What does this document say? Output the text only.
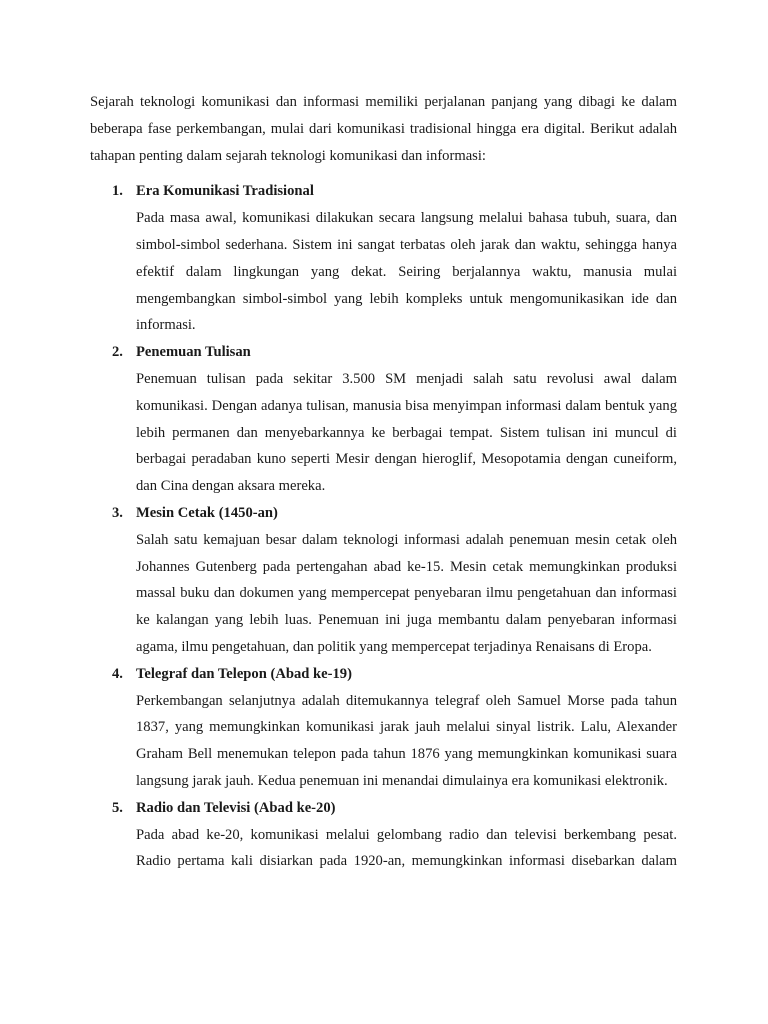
Sejarah teknologi komunikasi dan informasi memiliki perjalanan panjang yang dibagi ke dalam beberapa fase perkembangan, mulai dari komunikasi tradisional hingga era digital. Berikut adalah tahapan penting dalam sejarah teknologi komunikasi dan informasi:

1. Era Komunikasi Tradisional
Pada masa awal, komunikasi dilakukan secara langsung melalui bahasa tubuh, suara, dan simbol-simbol sederhana. Sistem ini sangat terbatas oleh jarak dan waktu, sehingga hanya efektif dalam lingkungan yang dekat. Seiring berjalannya waktu, manusia mulai mengembangkan simbol-simbol yang lebih kompleks untuk mengomunikasikan ide dan informasi.
2. Penemuan Tulisan
Penemuan tulisan pada sekitar 3.500 SM menjadi salah satu revolusi awal dalam komunikasi. Dengan adanya tulisan, manusia bisa menyimpan informasi dalam bentuk yang lebih permanen dan menyebarkannya ke berbagai tempat. Sistem tulisan ini muncul di berbagai peradaban kuno seperti Mesir dengan hieroglif, Mesopotamia dengan cuneiform, dan Cina dengan aksara mereka.
3. Mesin Cetak (1450-an)
Salah satu kemajuan besar dalam teknologi informasi adalah penemuan mesin cetak oleh Johannes Gutenberg pada pertengahan abad ke-15. Mesin cetak memungkinkan produksi massal buku dan dokumen yang mempercepat penyebaran ilmu pengetahuan dan informasi ke kalangan yang lebih luas. Penemuan ini juga membantu dalam penyebaran informasi agama, ilmu pengetahuan, dan politik yang mempercepat terjadinya Renaisans di Eropa.
4. Telegraf dan Telepon (Abad ke-19)
Perkembangan selanjutnya adalah ditemukannya telegraf oleh Samuel Morse pada tahun 1837, yang memungkinkan komunikasi jarak jauh melalui sinyal listrik. Lalu, Alexander Graham Bell menemukan telepon pada tahun 1876 yang memungkinkan komunikasi suara langsung jarak jauh. Kedua penemuan ini menandai dimulainya era komunikasi elektronik.
5. Radio dan Televisi (Abad ke-20)
Pada abad ke-20, komunikasi melalui gelombang radio dan televisi berkembang pesat. Radio pertama kali disiarkan pada 1920-an, memungkinkan informasi disebarkan dalam
